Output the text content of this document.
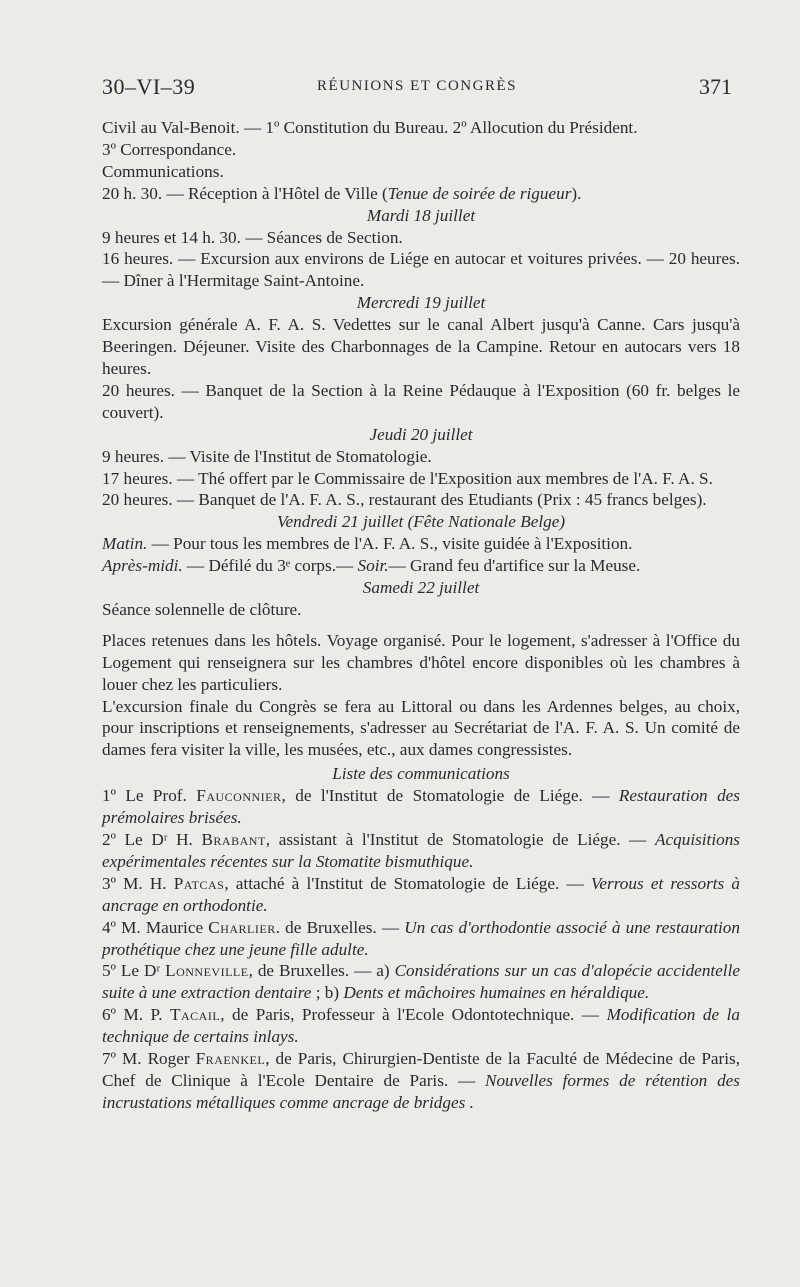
30–VI–39	RÉUNIONS ET CONGRÈS	371

Civil au Val-Benoit. — 1º Constitution du Bureau. 2º Allocution du Président.

3º Correspondance.

Communications.

20 h. 30. — Réception à l'Hôtel de Ville (Tenue de soirée de rigueur).

Mardi 18 juillet

9 heures et 14 h. 30. — Séances de Section.

16 heures. — Excursion aux environs de Liége en autocar et voitures privées. — 20 heures. — Dîner à l'Hermitage Saint-Antoine.

Mercredi 19 juillet

Excursion générale A. F. A. S. Vedettes sur le canal Albert jusqu'à Canne. Cars jusqu'à Beeringen. Déjeuner. Visite des Charbonnages de la Campine. Retour en autocars vers 18 heures.

20 heures. — Banquet de la Section à la Reine Pédauque à l'Exposition (60 fr. belges le couvert).

Jeudi 20 juillet

9 heures. — Visite de l'Institut de Stomatologie.

17 heures. — Thé offert par le Commissaire de l'Exposition aux membres de l'A. F. A. S.

20 heures. — Banquet de l'A. F. A. S., restaurant des Etudiants (Prix : 45 francs belges).

Vendredi 21 juillet (Fête Nationale Belge)

Matin. — Pour tous les membres de l'A. F. A. S., visite guidée à l'Exposition.

Après-midi. — Défilé du 3ᵉ corps.— Soir.— Grand feu d'artifice sur la Meuse.

Samedi 22 juillet

Séance solennelle de clôture.

Places retenues dans les hôtels. Voyage organisé. Pour le logement, s'adresser à l'Office du Logement qui renseignera sur les chambres d'hôtel encore disponibles où les chambres à louer chez les particuliers.

L'excursion finale du Congrès se fera au Littoral ou dans les Ardennes belges, au choix, pour inscriptions et renseignements, s'adresser au Secrétariat de l'A. F. A. S. Un comité de dames fera visiter la ville, les musées, etc., aux dames congressistes.

Liste des communications

1º Le Prof. Fauconnier, de l'Institut de Stomatologie de Liége. — Restauration des prémolaires brisées.

2º Le Dʳ H. Brabant, assistant à l'Institut de Stomatologie de Liége. — Acquisitions expérimentales récentes sur la Stomatite bismuthique.

3º M. H. Patcas, attaché à l'Institut de Stomatologie de Liége. — Verrous et ressorts à ancrage en orthodontie.

4º M. Maurice Charlier. de Bruxelles. — Un cas d'orthodontie associé à une restauration prothétique chez une jeune fille adulte.

5º Le Dʳ Lonneville, de Bruxelles. — a) Considérations sur un cas d'alopécie accidentelle suite à une extraction dentaire ; b) Dents et mâchoires humaines en héraldique.

6º M. P. Tacail, de Paris, Professeur à l'Ecole Odontotechnique. — Modification de la technique de certains inlays.

7º M. Roger Fraenkel, de Paris, Chirurgien-Dentiste de la Faculté de Médecine de Paris, Chef de Clinique à l'Ecole Dentaire de Paris. — Nouvelles formes de rétention des incrustations métalliques comme ancrage de bridges .
